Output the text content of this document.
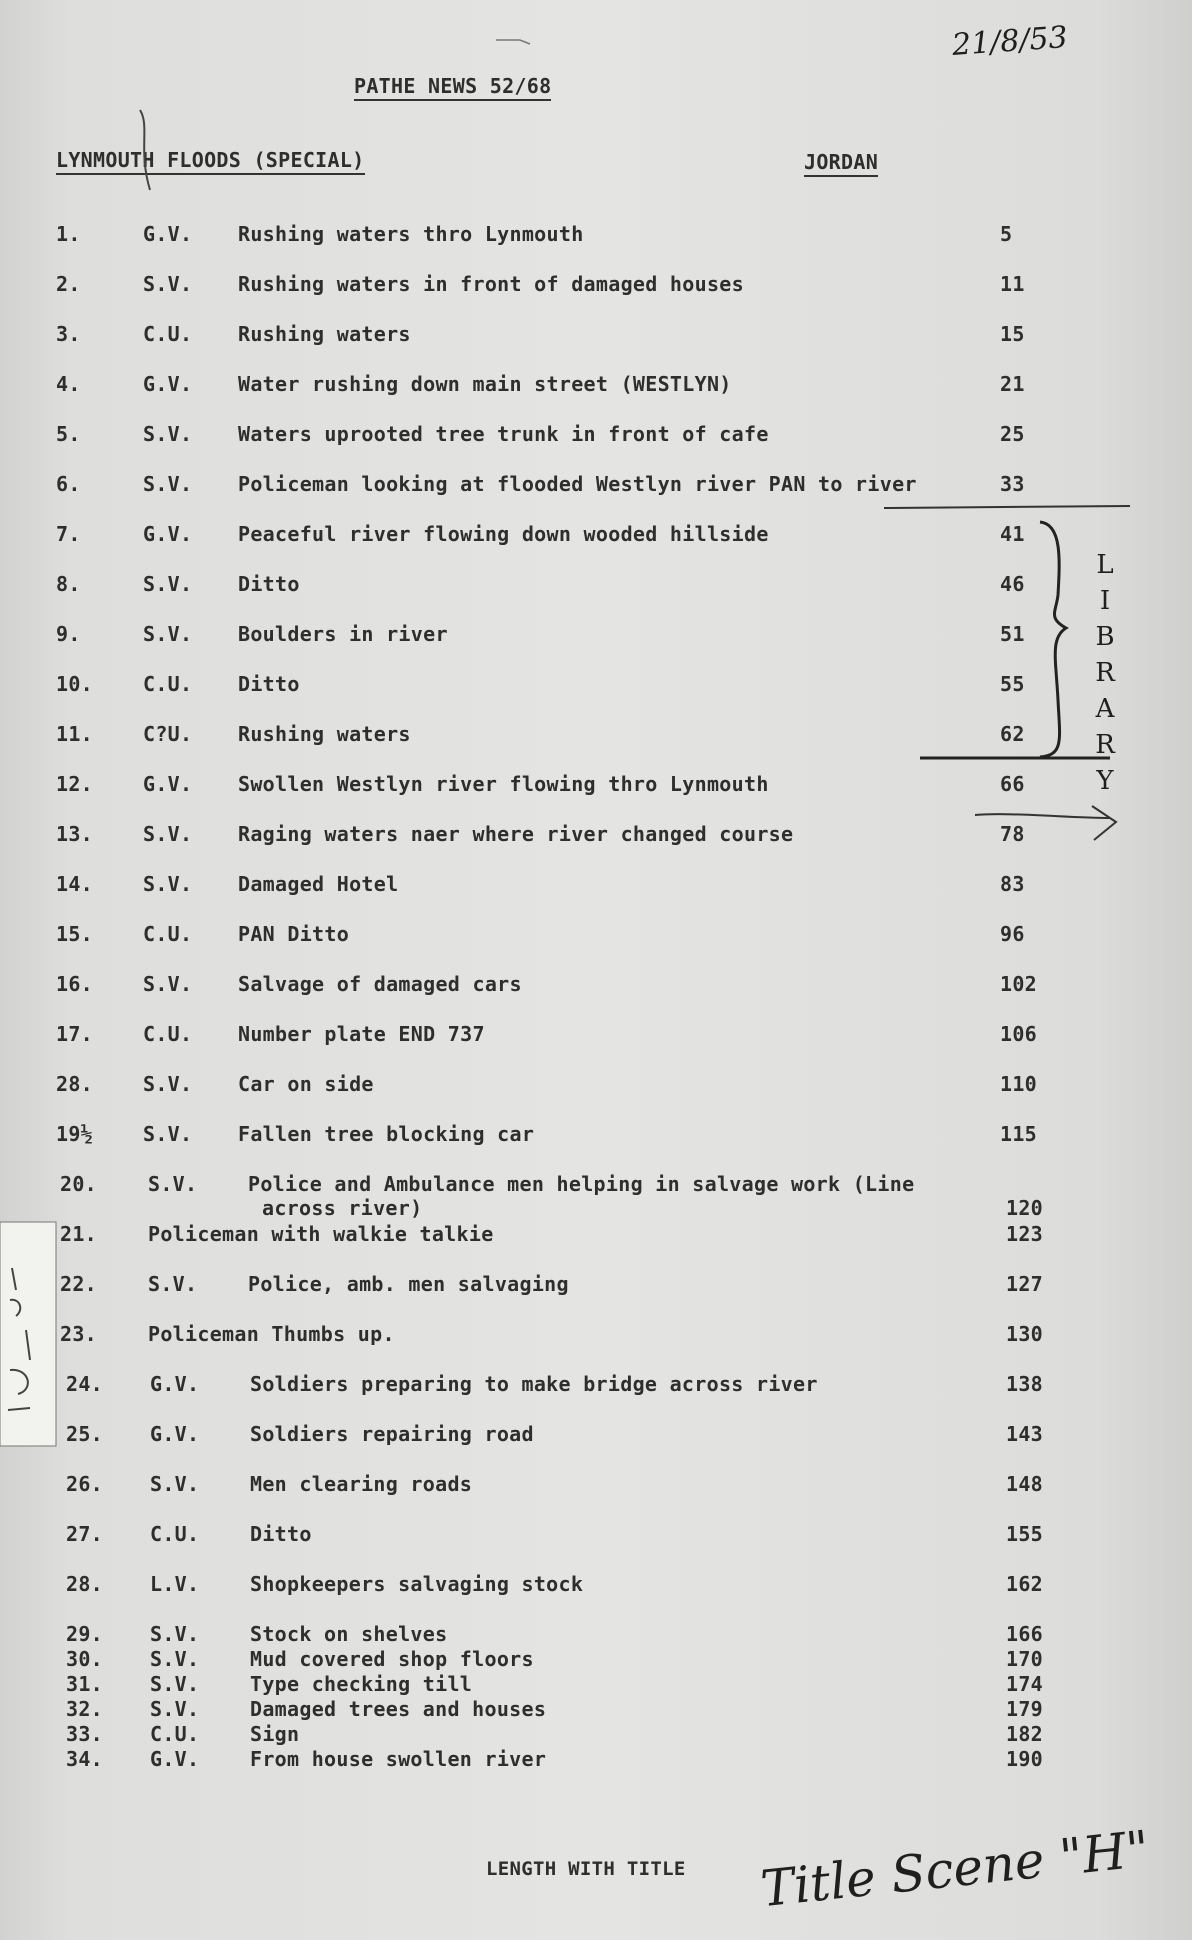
21/8/53
PATHE NEWS 52/68
LYNMOUTH FLOODS (SPECIAL)	JORDAN
1.	G.V. Rushing waters thro Lynmouth	5
2.	S.V. Rushing waters in front of damaged houses	11
3.	C.U. Rushing waters	15
4.	G.V. Water rushing down main street (WESTLYN)	21
5.	S.V. Waters uprooted tree trunk in front of cafe	25
6.	S.V. Policeman looking at flooded Westlyn river PAN to river	33
7.	G.V. Peaceful river flowing down wooded hillside	41
8.	S.V. Ditto	46
9.	S.V. Boulders in river	51
10. C.U. Ditto	55
11. C?U. Rushing waters	62
12. G.V. Swollen Westlyn river flowing thro Lynmouth	66
13. S.V. Raging waters naer where river changed course	78
14. S.V. Damaged Hotel	83
15. C.U. PAN Ditto	96
16. S.V. Salvage of damaged cars	102
17. C.U. Number plate END 737	106
28. S.V. Car on side	110
19½ S.V. Fallen tree blocking car	115
20.	S.V.	Police and Ambulance men helping in salvage work (Line
120
across river)
21.	Policeman with walkie talkie	123
22.	S.V.	Police, amb. men salvaging	127
23.	Policeman Thumbs up.	130
24. G.V.	Soldiers preparing to make bridge across river	138
25. G.V.	Soldiers repairing road	143
26. S.V.	Men clearing roads	148
27. C.U.	Ditto	155
28. L.V.	Shopkeepers salvaging stock	162
29. S.V.	Stock on shelves	166
30. S.V.	Mud covered shop floors	170
31. S.V.	Type checking till	174
32. S.V.	Damaged trees and houses	179
33. C.U.	Sign	182
34. G.V.	From house swollen river	190
LENGTH WITH TITLE Title Scene "H"
LIBRARY
